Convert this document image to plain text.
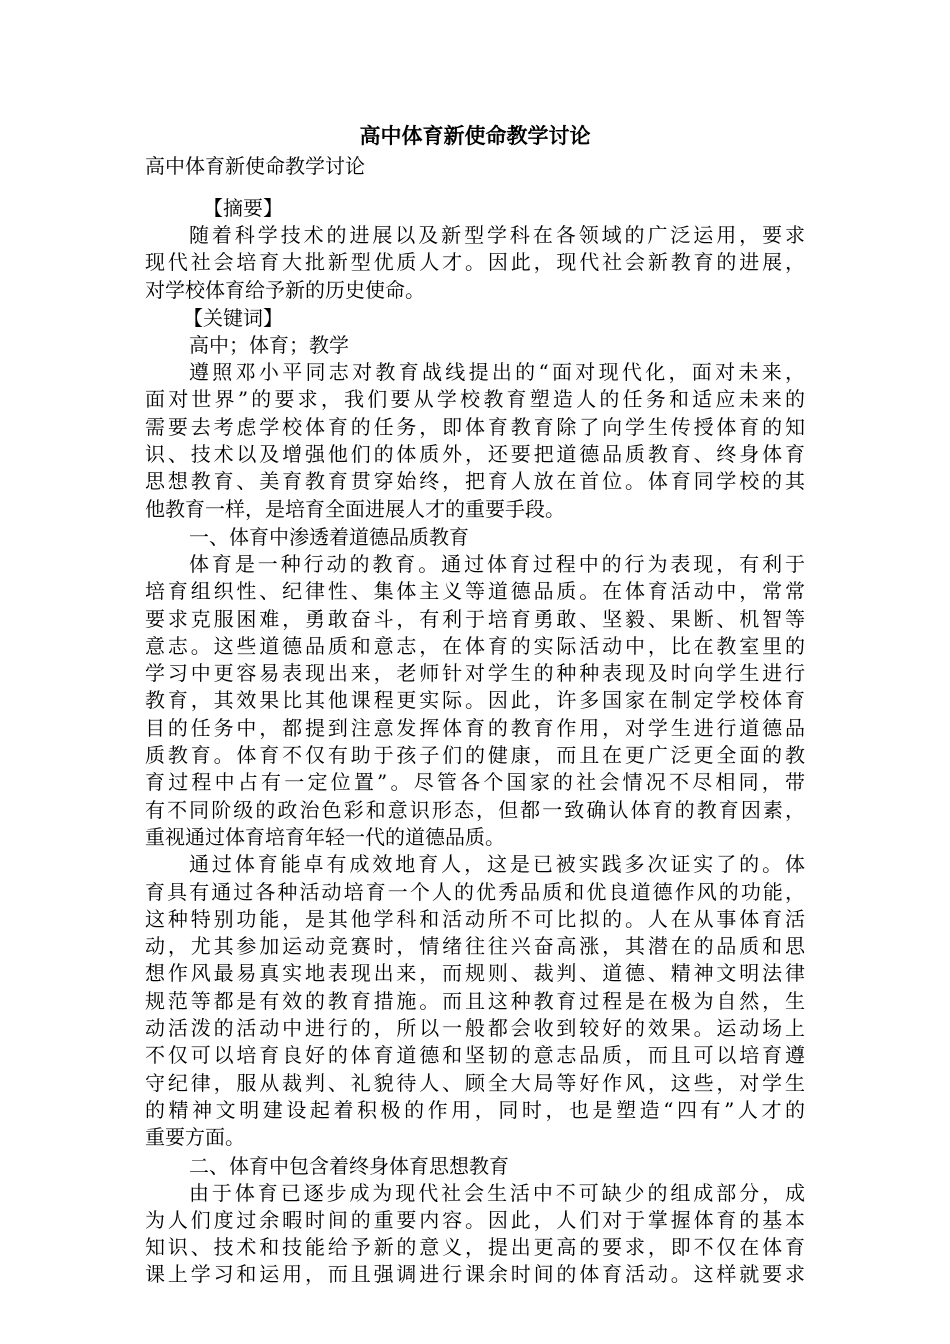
高中体育新使命教学讨论

高中体育新使命教学讨论

【摘要】

随着科学技术的进展以及新型学科在各领域的广泛运用，要求

现代社会培育大批新型优质人才。因此，现代社会新教育的进展，

对学校体育给予新的历史使命。

【关键词】

高中；体育；教学

遵照邓小平同志对教育战线提出的“面对现代化，面对未来，

面对世界”的要求，我们要从学校教育塑造人的任务和适应未来的

需要去考虑学校体育的任务，即体育教育除了向学生传授体育的知

识、技术以及增强他们的体质外，还要把道德品质教育、终身体育

思想教育、美育教育贯穿始终，把育人放在首位。体育同学校的其

他教育一样，是培育全面进展人才的重要手段。

一、体育中渗透着道德品质教育

体育是一种行动的教育。通过体育过程中的行为表现，有利于

培育组织性、纪律性、集体主义等道德品质。在体育活动中，常常

要求克服困难，勇敢奋斗，有利于培育勇敢、坚毅、果断、机智等

意志。这些道德品质和意志，在体育的实际活动中，比在教室里的

学习中更容易表现出来，老师针对学生的种种表现及时向学生进行

教育，其效果比其他课程更实际。因此，许多国家在制定学校体育

目的任务中，都提到注意发挥体育的教育作用，对学生进行道德品

质教育。体育不仅有助于孩子们的健康，而且在更广泛更全面的教

育过程中占有一定位置”。尽管各个国家的社会情况不尽相同，带

有不同阶级的政治色彩和意识形态，但都一致确认体育的教育因素，

重视通过体育培育年轻一代的道德品质。

通过体育能卓有成效地育人，这是已被实践多次证实了的。体

育具有通过各种活动培育一个人的优秀品质和优良道德作风的功能，

这种特别功能，是其他学科和活动所不可比拟的。人在从事体育活

动，尤其参加运动竞赛时，情绪往往兴奋高涨，其潜在的品质和思

想作风最易真实地表现出来，而规则、裁判、道德、精神文明法律

规范等都是有效的教育措施。而且这种教育过程是在极为自然，生

动活泼的活动中进行的，所以一般都会收到较好的效果。运动场上

不仅可以培育良好的体育道德和坚韧的意志品质，而且可以培育遵

守纪律，服从裁判、礼貌待人、顾全大局等好作风，这些，对学生

的精神文明建设起着积极的作用，同时，也是塑造“四有”人才的

重要方面。

二、体育中包含着终身体育思想教育

由于体育已逐步成为现代社会生活中不可缺少的组成部分，成

为人们度过余暇时间的重要内容。因此，人们对于掌握体育的基本

知识、技术和技能给予新的意义，提出更高的要求，即不仅在体育

课上学习和运用，而且强调进行课余时间的体育活动。这样就要求
